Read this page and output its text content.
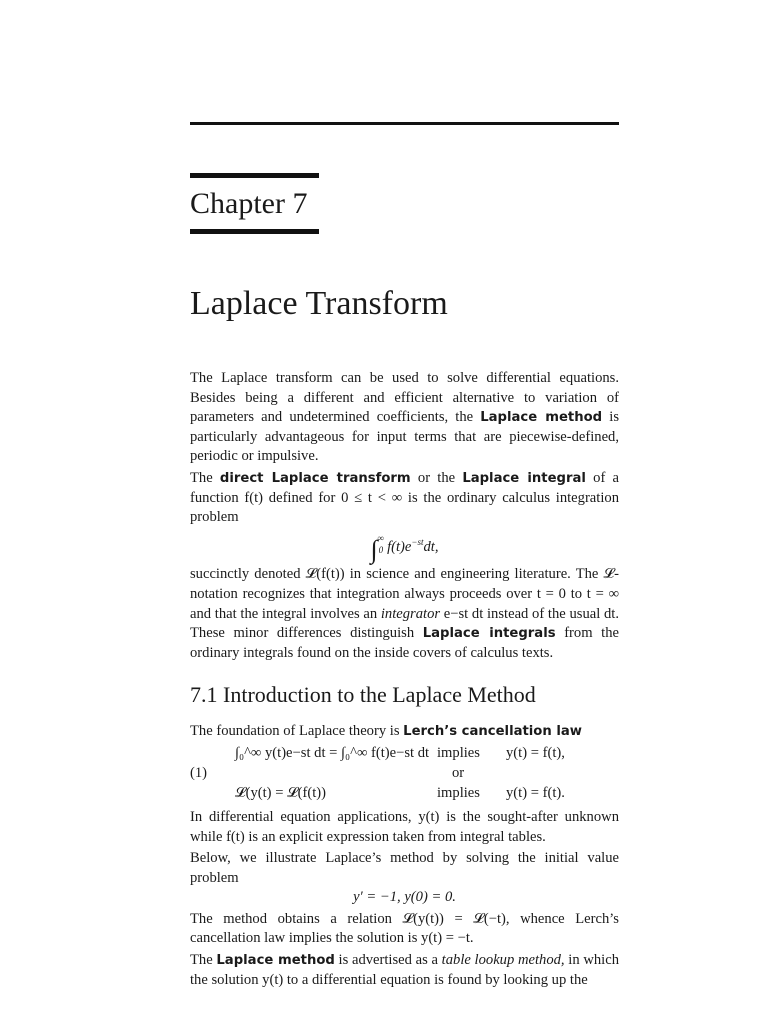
Chapter 7
Laplace Transform

The Laplace transform can be used to solve differential equations. Besides being a different and efficient alternative to variation of parameters and undetermined coefficients, the Laplace method is particularly advantageous for input terms that are piecewise-defined, periodic or impulsive.

The direct Laplace transform or the Laplace integral of a function f(t) defined for 0 ≤ t < ∞ is the ordinary calculus integration problem

∫ ∞
0 $f(t)e^{-st}dt$,

succinctly denoted 𝓛(f(t)) in science and engineering literature. The 𝓛-notation recognizes that integration always proceeds over t = 0 to t = ∞ and that the integral involves an integrator e−st dt instead of the usual dt. These minor differences distinguish Laplace integrals from the ordinary integrals found on the inside covers of calculus texts.

7.1 Introduction to the Laplace Method

The foundation of Laplace theory is Lerch’s cancellation law

(1)
∫₀^∞ y(t)e−st dt = ∫₀^∞ f(t)e−st dt implies y(t) = f(t),
or
𝓛(y(t) = 𝓛(f(t))	implies y(t) = f(t).

In differential equation applications, y(t) is the sought-after unknown while f(t) is an explicit expression taken from integral tables.

Below, we illustrate Laplace’s method by solving the initial value problem

y′ = −1, y(0) = 0.

The method obtains a relation 𝓛(y(t)) = 𝓛(−t), whence Lerch’s cancellation law implies the solution is y(t) = −t.

The Laplace method is advertised as a table lookup method, in which the solution y(t) to a differential equation is found by looking up the
